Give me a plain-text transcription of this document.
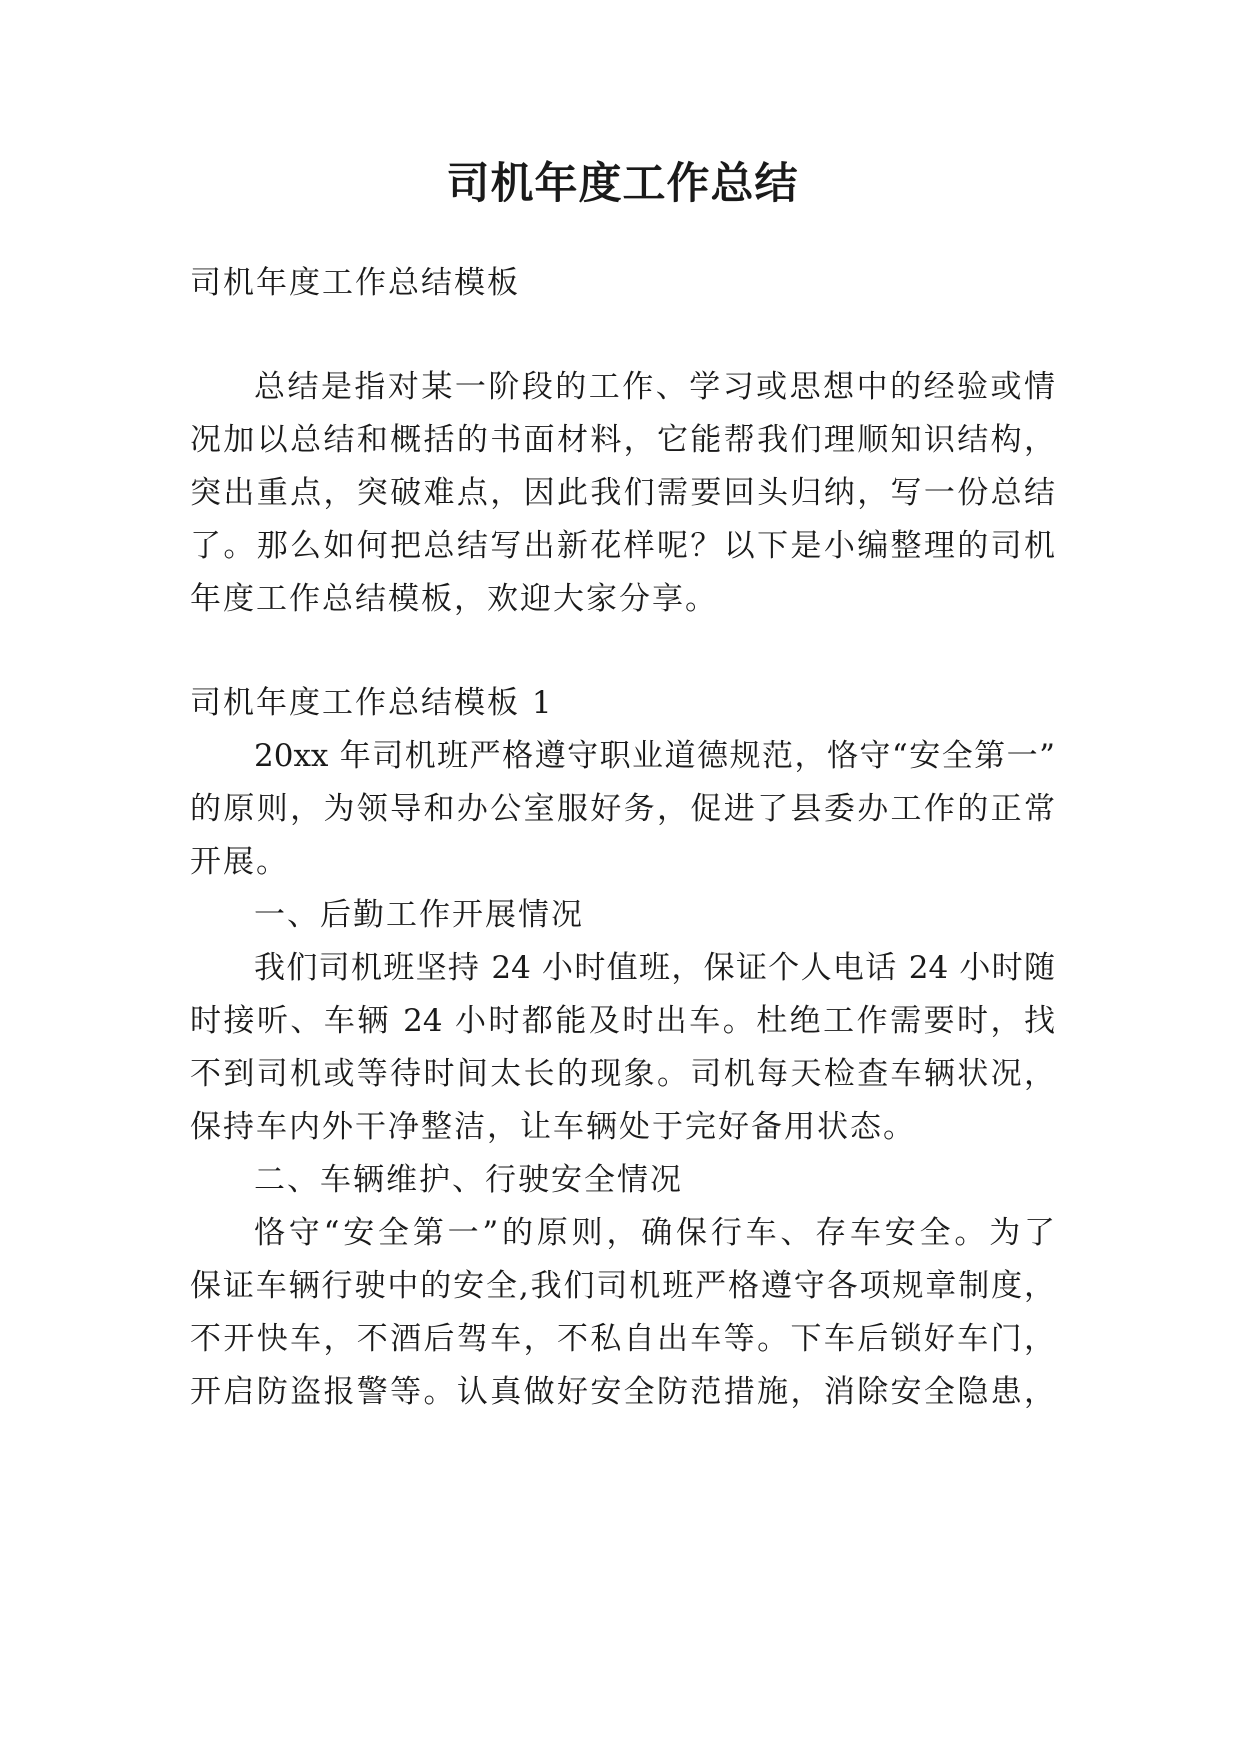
司机年度工作总结
司机年度工作总结模板
总结是指对某一阶段的工作、学习或思想中的经验或情
况加以总结和概括的书面材料，它能帮我们理顺知识结构，
突出重点，突破难点，因此我们需要回头归纳，写一份总结
了。那么如何把总结写出新花样呢？以下是小编整理的司机
年度工作总结模板，欢迎大家分享。
司机年度工作总结模板 1
20xx 年司机班严格遵守职业道德规范，恪守“安全第一”
的原则，为领导和办公室服好务，促进了县委办工作的正常
开展。
一、后勤工作开展情况
我们司机班坚持 24 小时值班，保证个人电话 24 小时随
时接听、车辆 24 小时都能及时出车。杜绝工作需要时，找
不到司机或等待时间太长的现象。司机每天检查车辆状况，
保持车内外干净整洁，让车辆处于完好备用状态。
二、车辆维护、行驶安全情况
恪守“安全第一”的原则，确保行车、存车安全。为了
保证车辆行驶中的安全,我们司机班严格遵守各项规章制度，
不开快车，不酒后驾车，不私自出车等。下车后锁好车门，
开启防盗报警等。认真做好安全防范措施，消除安全隐患，
